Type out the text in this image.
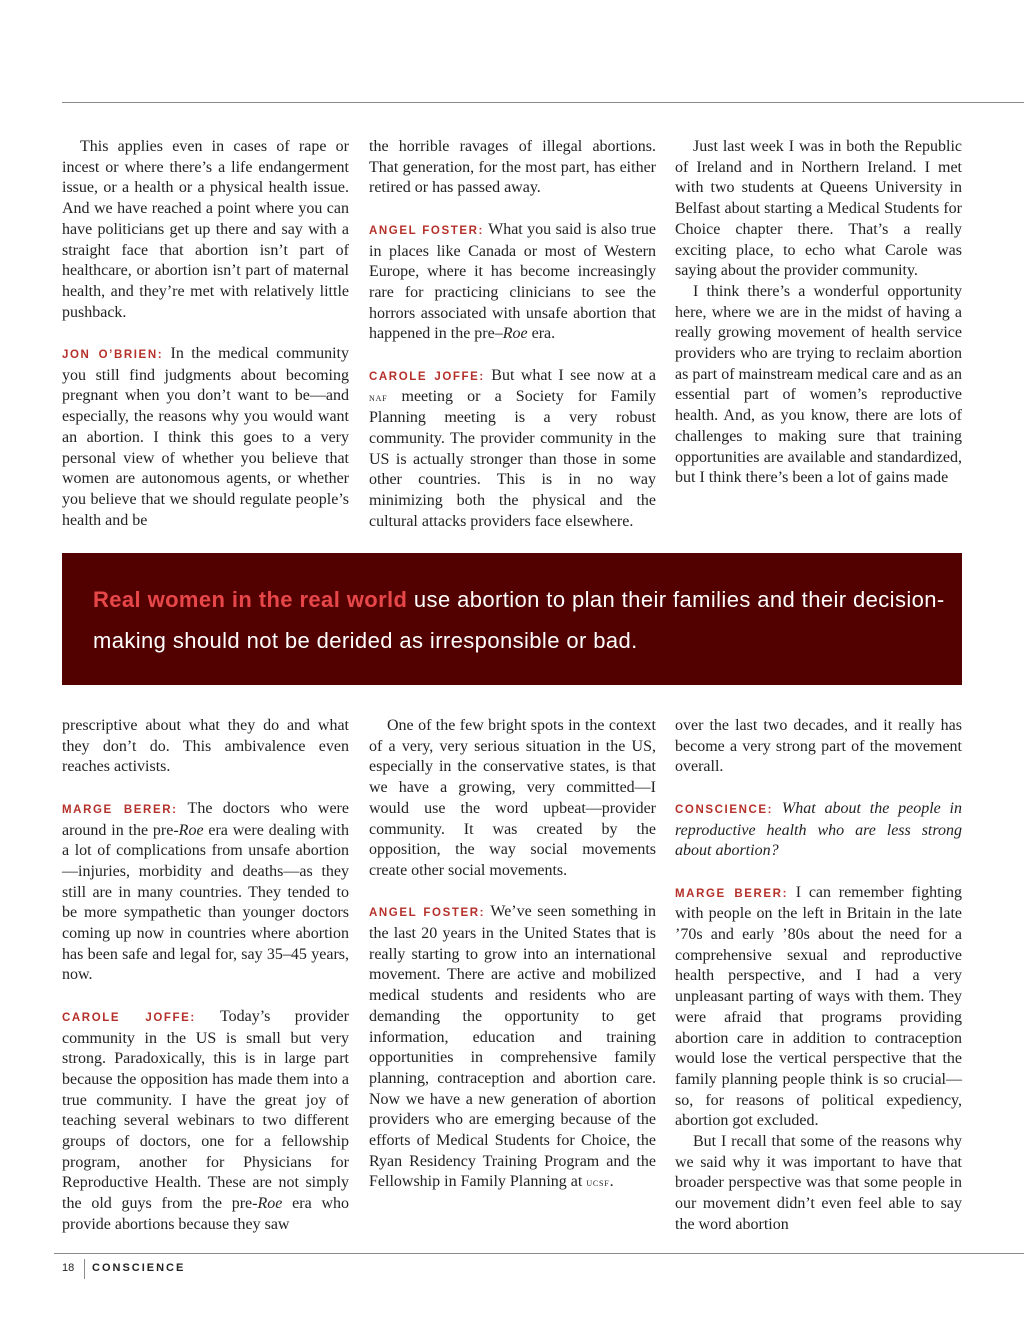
This applies even in cases of rape or incest or where there’s a life endangerment issue, or a health or a physical health issue. And we have reached a point where you can have politicians get up there and say with a straight face that abortion isn’t part of healthcare, or abortion isn’t part of maternal health, and they’re met with relatively little pushback.

JON O’BRIEN: In the medical community you still find judgments about becoming pregnant when you don’t want to be—and especially, the reasons why you would want an abortion. I think this goes to a very personal view of whether you believe that women are autonomous agents, or whether you believe that we should regulate people’s health and be

the horrible ravages of illegal abortions. That generation, for the most part, has either retired or has passed away.

ANGEL FOSTER: What you said is also true in places like Canada or most of Western Europe, where it has become increasingly rare for practicing clinicians to see the horrors associated with unsafe abortion that happened in the pre–Roe era.

CAROLE JOFFE: But what I see now at a naf meeting or a Society for Family Planning meeting is a very robust community. The provider community in the US is actually stronger than those in some other countries. This is in no way minimizing both the physical and the cultural attacks providers face elsewhere.

Just last week I was in both the Republic of Ireland and in Northern Ireland. I met with two students at Queens University in Belfast about starting a Medical Students for Choice chapter there. That’s a really exciting place, to echo what Carole was saying about the provider community.

I think there’s a wonderful opportunity here, where we are in the midst of having a really growing movement of health service providers who are trying to reclaim abortion as part of mainstream medical care and as an essential part of women’s reproductive health. And, as you know, there are lots of challenges to making sure that training opportunities are available and standardized, but I think there’s been a lot of gains made

Real women in the real world use abortion to plan their families and their decision-making should not be derided as irresponsible or bad.

prescriptive about what they do and what they don’t do. This ambivalence even reaches activists.

MARGE BERER: The doctors who were around in the pre-Roe era were dealing with a lot of complications from unsafe abortion—injuries, morbidity and deaths—as they still are in many countries. They tended to be more sympathetic than younger doctors coming up now in countries where abortion has been safe and legal for, say 35–45 years, now.

CAROLE JOFFE: Today’s provider community in the US is small but very strong. Paradoxically, this is in large part because the opposition has made them into a true community. I have the great joy of teaching several webinars to two different groups of doctors, one for a fellowship program, another for Physicians for Reproductive Health. These are not simply the old guys from the pre-Roe era who provide abortions because they saw

One of the few bright spots in the context of a very, very serious situation in the US, especially in the conservative states, is that we have a growing, very committed—I would use the word upbeat—provider community. It was created by the opposition, the way social movements create other social movements.

ANGEL FOSTER: We’ve seen something in the last 20 years in the United States that is really starting to grow into an international movement. There are active and mobilized medical students and residents who are demanding the opportunity to get information, education and training opportunities in comprehensive family planning, contraception and abortion care. Now we have a new generation of abortion providers who are emerging because of the efforts of Medical Students for Choice, the Ryan Residency Training Program and the Fellowship in Family Planning at ucsf.

over the last two decades, and it really has become a very strong part of the movement overall.

CONSCIENCE: What about the people in reproductive health who are less strong about abortion?

MARGE BERER: I can remember fighting with people on the left in Britain in the late ’70s and early ’80s about the need for a comprehensive sexual and reproductive health perspective, and I had a very unpleasant parting of ways with them. They were afraid that programs providing abortion care in addition to contraception would lose the vertical perspective that the family planning people think is so crucial—so, for reasons of political expediency, abortion got excluded.

But I recall that some of the reasons why we said why it was important to have that broader perspective was that some people in our movement didn’t even feel able to say the word abortion

18 CONSCIENCE
